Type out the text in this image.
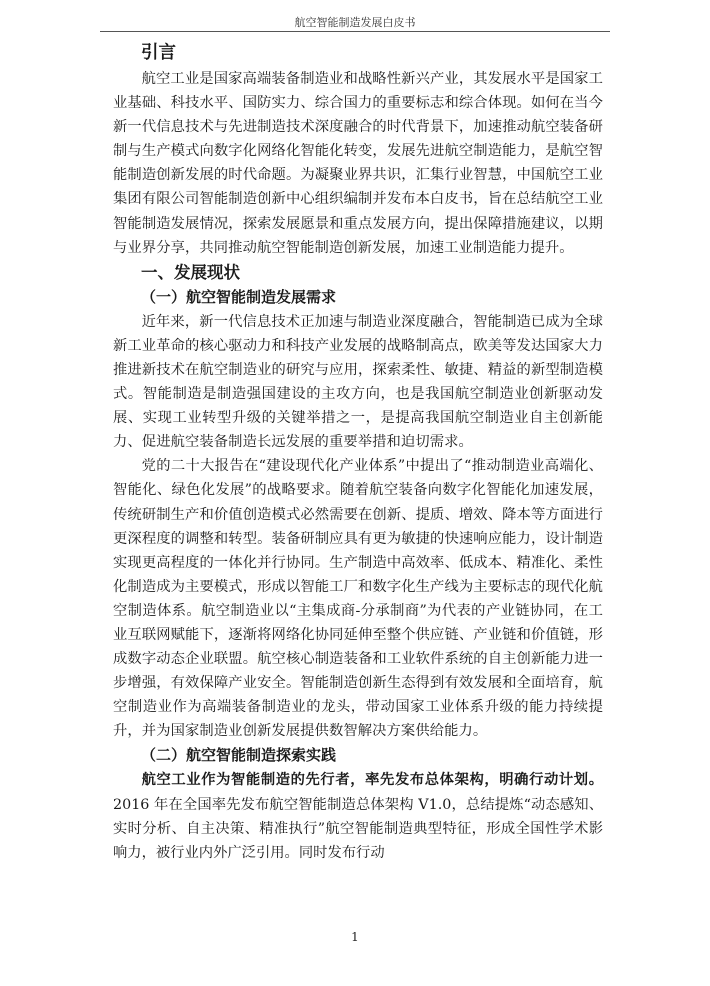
航空智能制造发展白皮书
引言

航空工业是国家高端装备制造业和战略性新兴产业，其发展水平是国家工业基础、科技水平、国防实力、综合国力的重要标志和综合体现。如何在当今新一代信息技术与先进制造技术深度融合的时代背景下，加速推动航空装备研制与生产模式向数字化网络化智能化转变，发展先进航空制造能力，是航空智能制造创新发展的时代命题。为凝聚业界共识，汇集行业智慧，中国航空工业集团有限公司智能制造创新中心组织编制并发布本白皮书，旨在总结航空工业智能制造发展情况，探索发展愿景和重点发展方向，提出保障措施建议，以期与业界分享，共同推动航空智能制造创新发展，加速工业制造能力提升。

一、发展现状
（一）航空智能制造发展需求

近年来，新一代信息技术正加速与制造业深度融合，智能制造已成为全球新工业革命的核心驱动力和科技产业发展的战略制高点，欧美等发达国家大力推进新技术在航空制造业的研究与应用，探索柔性、敏捷、精益的新型制造模式。智能制造是制造强国建设的主攻方向，也是我国航空制造业创新驱动发展、实现工业转型升级的关键举措之一，是提高我国航空制造业自主创新能力、促进航空装备制造长远发展的重要举措和迫切需求。

党的二十大报告在“建设现代化产业体系”中提出了“推动制造业高端化、智能化、绿色化发展”的战略要求。随着航空装备向数字化智能化加速发展，传统研制生产和价值创造模式必然需要在创新、提质、增效、降本等方面进行更深程度的调整和转型。装备研制应具有更为敏捷的快速响应能力，设计制造实现更高程度的一体化并行协同。生产制造中高效率、低成本、精准化、柔性化制造成为主要模式，形成以智能工厂和数字化生产线为主要标志的现代化航空制造体系。航空制造业以“主集成商-分承制商”为代表的产业链协同，在工业互联网赋能下，逐渐将网络化协同延伸至整个供应链、产业链和价值链，形成数字动态企业联盟。航空核心制造装备和工业软件系统的自主创新能力进一步增强，有效保障产业安全。智能制造创新生态得到有效发展和全面培育，航空制造业作为高端装备制造业的龙头，带动国家工业体系升级的能力持续提升，并为国家制造业创新发展提供数智解决方案供给能力。

（二）航空智能制造探索实践

航空工业作为智能制造的先行者，率先发布总体架构，明确行动计划。2016 年在全国率先发布航空智能制造总体架构 V1.0，总结提炼“动态感知、实时分析、自主决策、精准执行”航空智能制造典型特征，形成全国性学术影响力，被行业内外广泛引用。同时发布行动

1
